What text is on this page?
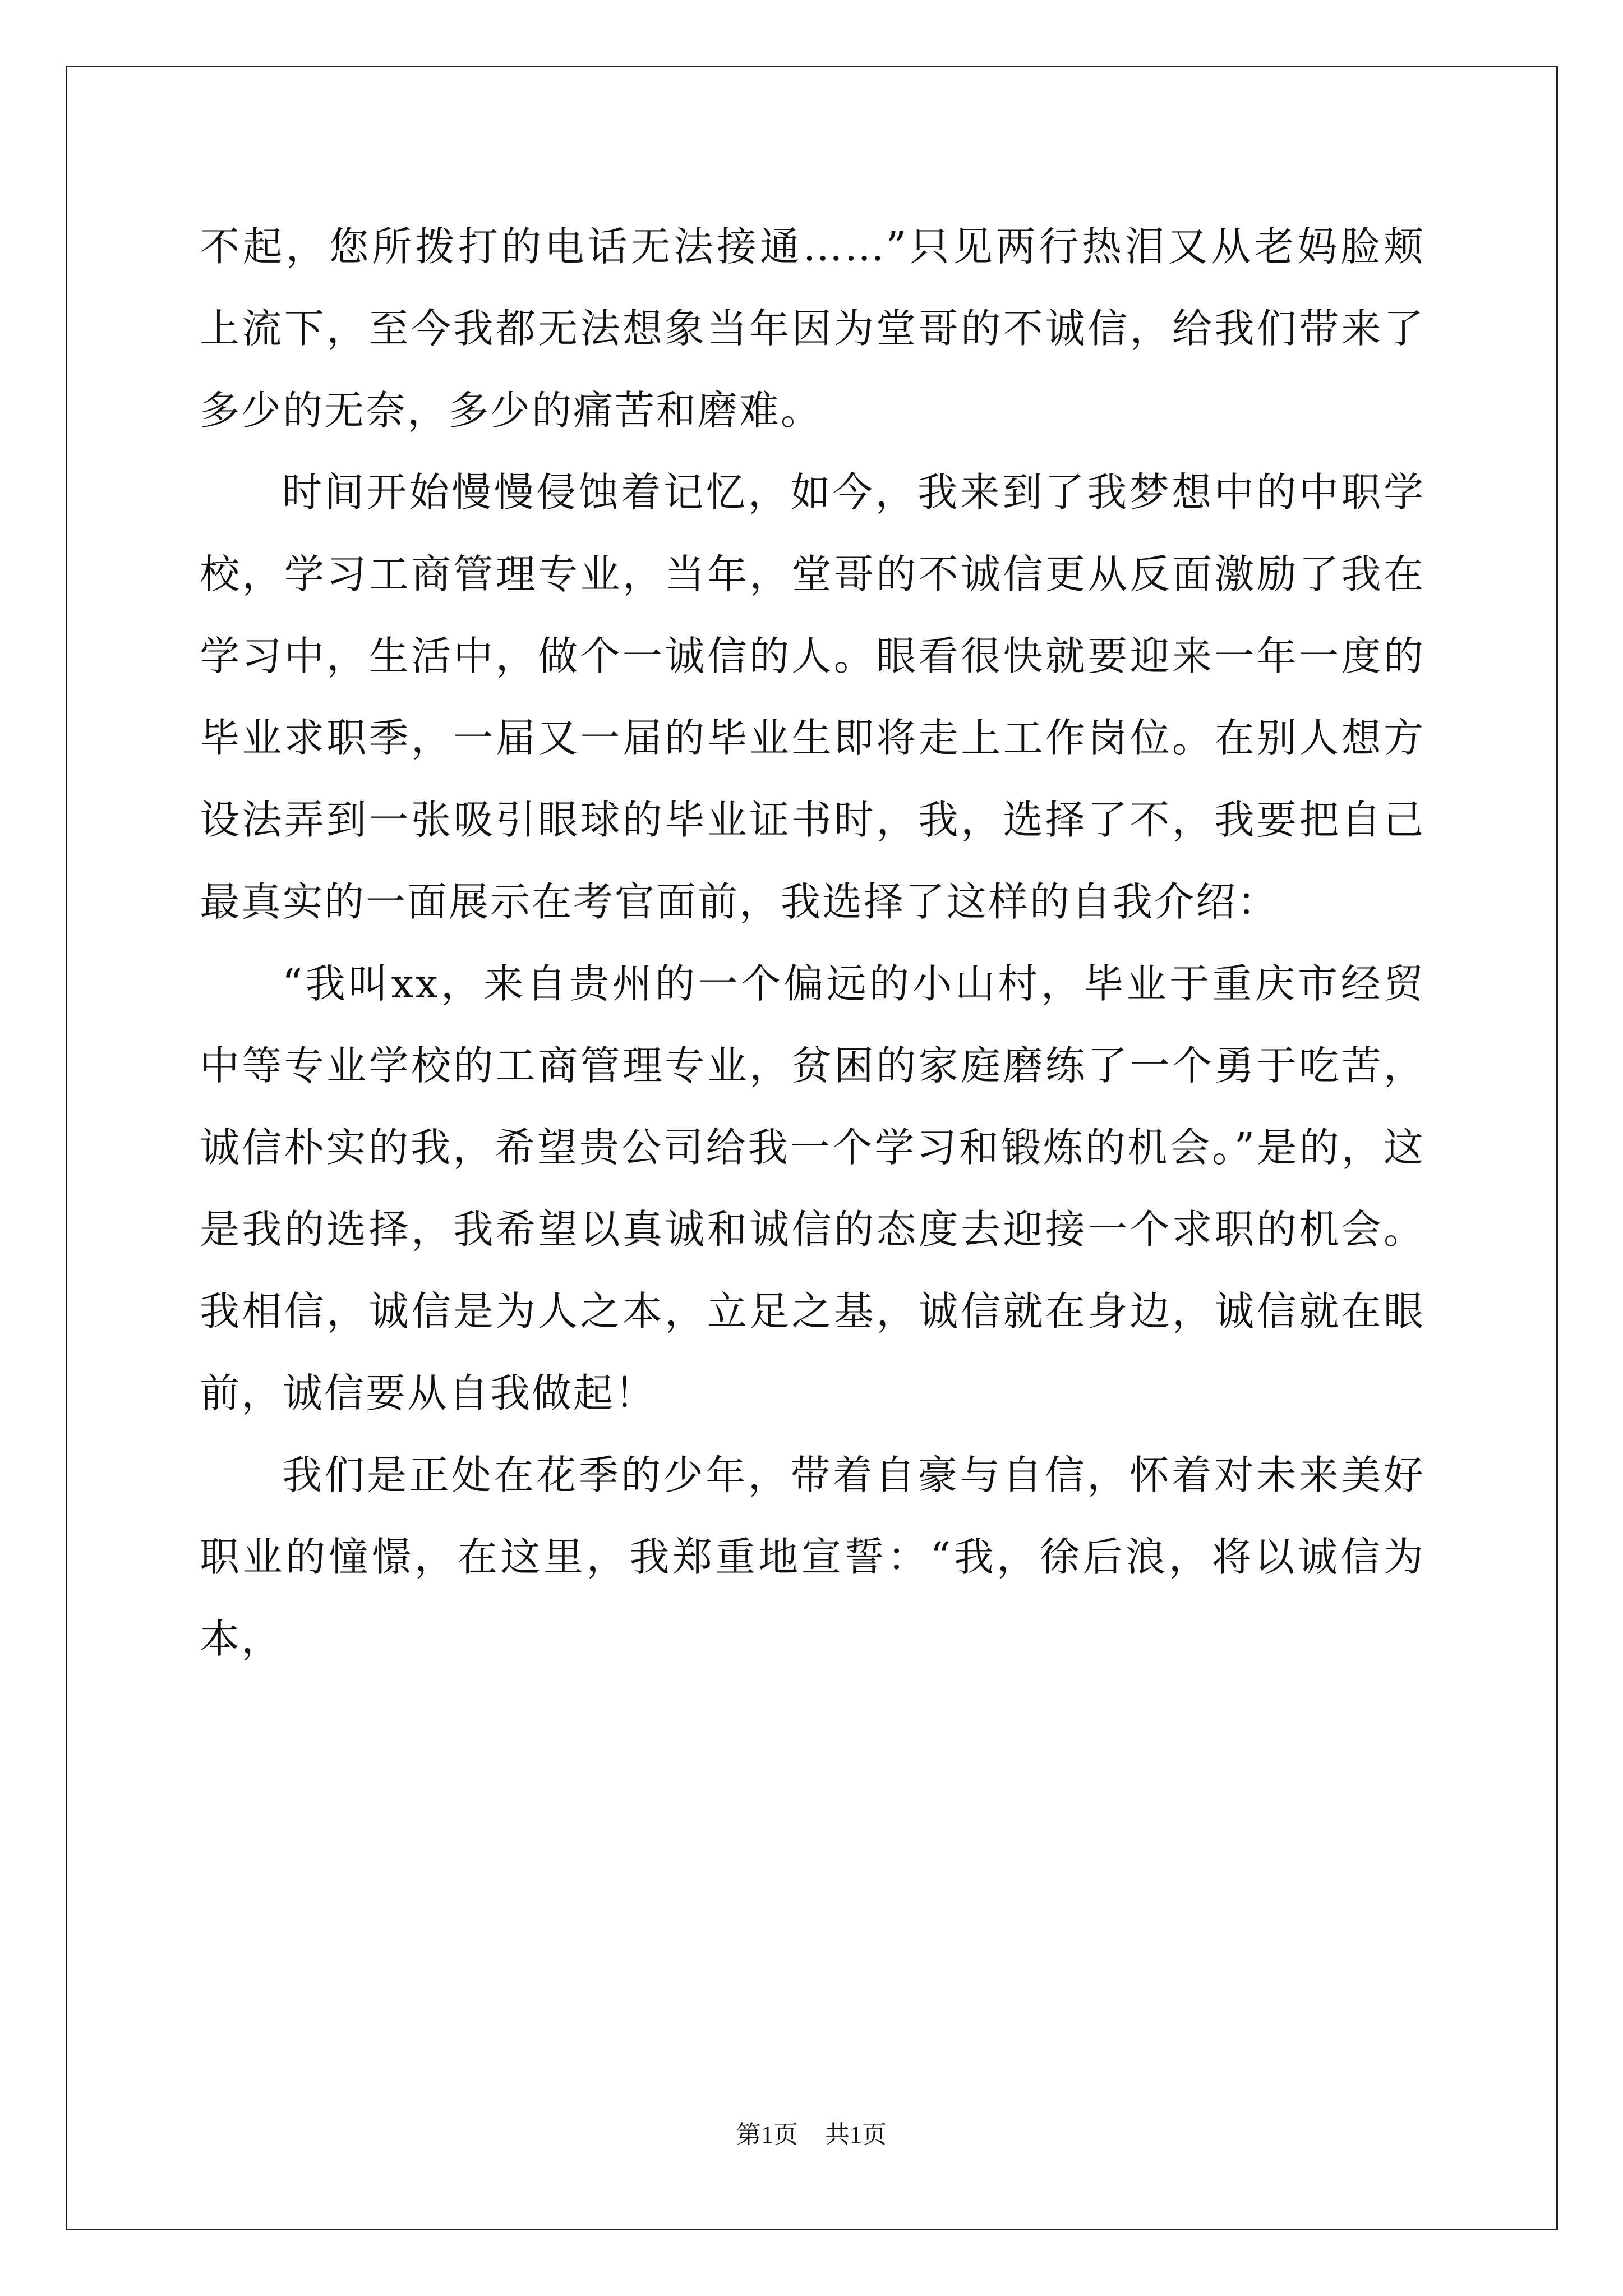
不起，您所拨打的电话无法接通……”只见两行热泪又从老妈脸颊上流下，至今我都无法想象当年因为堂哥的不诚信，给我们带来了多少的无奈，多少的痛苦和磨难。

时间开始慢慢侵蚀着记忆，如今，我来到了我梦想中的中职学校，学习工商管理专业，当年，堂哥的不诚信更从反面激励了我在学习中，生活中，做个一诚信的人。眼看很快就要迎来一年一度的毕业求职季，一届又一届的毕业生即将走上工作岗位。在别人想方设法弄到一张吸引眼球的毕业证书时，我，选择了不，我要把自己最真实的一面展示在考官面前，我选择了这样的自我介绍：

“我叫xx，来自贵州的一个偏远的小山村，毕业于重庆市经贸中等专业学校的工商管理专业，贫困的家庭磨练了一个勇于吃苦，诚信朴实的我，希望贵公司给我一个学习和锻炼的机会。”是的，这是我的选择，我希望以真诚和诚信的态度去迎接一个求职的机会。我相信，诚信是为人之本，立足之基，诚信就在身边，诚信就在眼前，诚信要从自我做起！

我们是正处在花季的少年，带着自豪与自信，怀着对未来美好职业的憧憬，在这里，我郑重地宣誓：“我，徐后浪，将以诚信为本，

第1页 共1页
